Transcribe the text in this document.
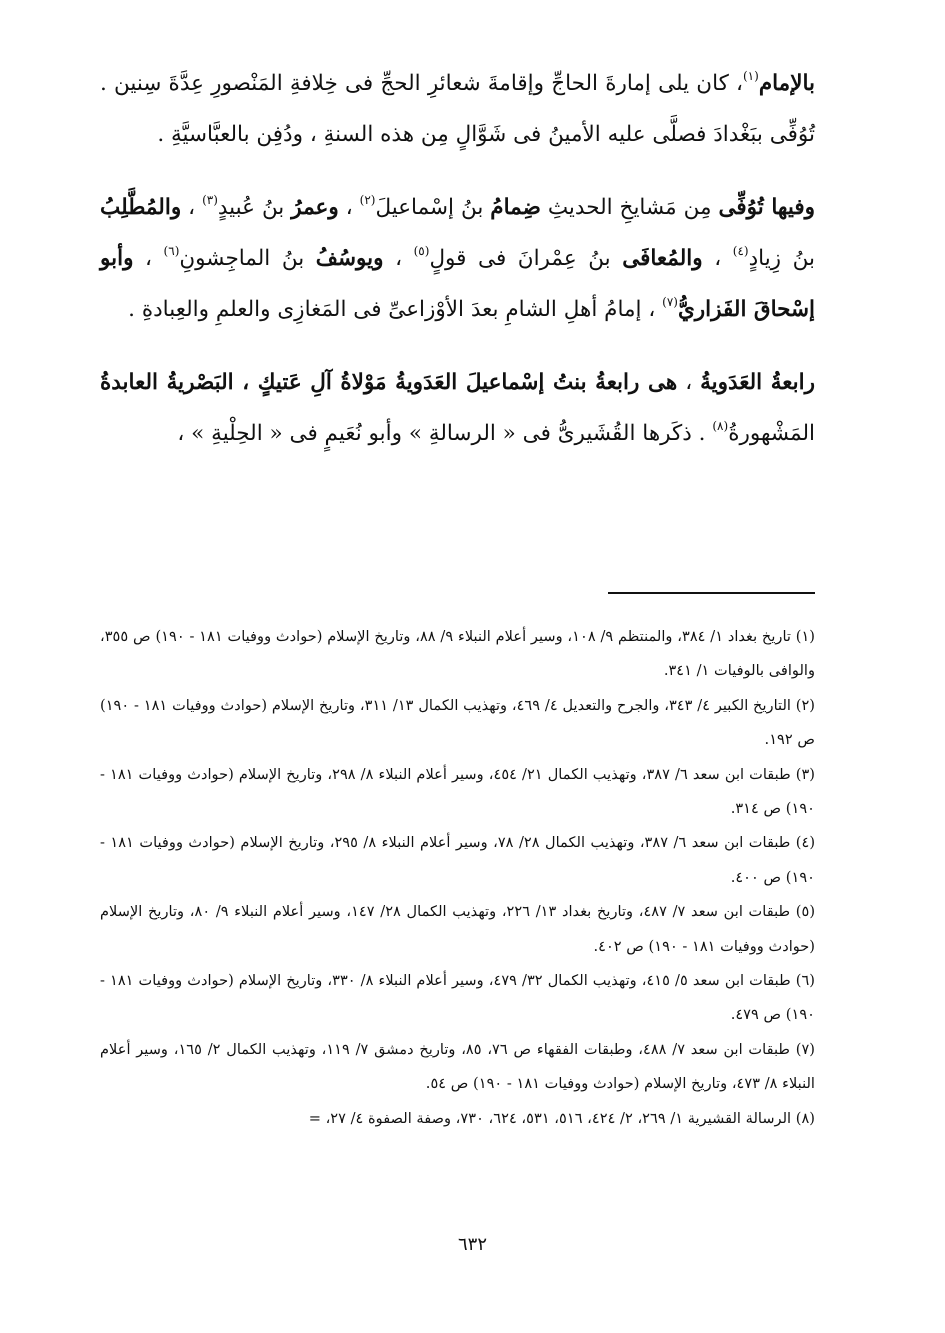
بالإمام$^{(١)}$، كان يلى إمارةَ الحاجِّ وإقامةَ شعائرِ الحجِّ فى خِلافةِ المَنْصورِ عِدَّةَ سِنين . تُوُفِّى ببَغْدادَ فصلَّى عليه الأمينُ فى شَوَّالٍ مِن هذه السنةِ ، ودُفِن بالعبَّاسيَّةِ .

وفيها تُوُفِّى مِن مَشايخِ الحديثِ ضِمامُ بنُ إسْماعيلَ$^{(٢)}$ ، وعمرُ بنُ عُبيدٍ$^{(٣)}$ ، والمُطَّلِبُ بنُ زِيادٍ$^{(٤)}$ ، والمُعافَى بنُ عِمْرانَ فى قولٍ$^{(٥)}$ ، ويوسُفُ بنُ الماجِشونِ$^{(٦)}$ ، وأبو إسْحاقَ الفَزاريُّ$^{(٧)}$ ، إمامُ أهلِ الشامِ بعدَ الأوْزاعىِّ فى المَغازِى والعلمِ والعِبادةِ .

رابعةُ العَدَويةُ ، هى رابعةُ بنتُ إسْماعيلَ العَدَويةُ مَوْلاةُ آلِ عَتيكٍ ، البَصْريةُ العابدةُ المَشْهورةُ$^{(٨)}$ . ذكَرها القُشَيرىُّ فى « الرسالةِ » وأبو نُعَيمٍ فى « الحِلْيةِ » ،

(١) تاريخ بغداد ١/ ٣٨٤، والمنتظم ٩/ ١٠٨، وسير أعلام النبلاء ٩/ ٨٨، وتاريخ الإسلام (حوادث ووفيات ١٨١ - ١٩٠) ص ٣٥٥، والوافى بالوفيات ١/ ٣٤١.

(٢) التاريخ الكبير ٤/ ٣٤٣، والجرح والتعديل ٤/ ٤٦٩، وتهذيب الكمال ١٣/ ٣١١، وتاريخ الإسلام (حوادث ووفيات ١٨١ - ١٩٠) ص ١٩٢.

(٣) طبقات ابن سعد ٦/ ٣٨٧، وتهذيب الكمال ٢١/ ٤٥٤، وسير أعلام النبلاء ٨/ ٢٩٨، وتاريخ الإسلام (حوادث ووفيات ١٨١ - ١٩٠) ص ٣١٤.

(٤) طبقات ابن سعد ٦/ ٣٨٧، وتهذيب الكمال ٢٨/ ٧٨، وسير أعلام النبلاء ٨/ ٢٩٥، وتاريخ الإسلام (حوادث ووفيات ١٨١ - ١٩٠) ص ٤٠٠.

(٥) طبقات ابن سعد ٧/ ٤٨٧، وتاريخ بغداد ١٣/ ٢٢٦، وتهذيب الكمال ٢٨/ ١٤٧، وسير أعلام النبلاء ٩/ ٨٠، وتاريخ الإسلام (حوادث ووفيات ١٨١ - ١٩٠) ص ٤٠٢.

(٦) طبقات ابن سعد ٥/ ٤١٥، وتهذيب الكمال ٣٢/ ٤٧٩، وسير أعلام النبلاء ٨/ ٣٣٠، وتاريخ الإسلام (حوادث ووفيات ١٨١ - ١٩٠) ص ٤٧٩.

(٧) طبقات ابن سعد ٧/ ٤٨٨، وطبقات الفقهاء ص ٧٦، ٨٥، وتاريخ دمشق ٧/ ١١٩، وتهذيب الكمال ٢/ ١٦٥، وسير أعلام النبلاء ٨/ ٤٧٣، وتاريخ الإسلام (حوادث ووفيات ١٨١ - ١٩٠) ص ٥٤.

(٨) الرسالة القشيرية ١/ ٢٦٩، ٢/ ٤٢٤، ٥١٦، ٥٣١، ٦٢٤، ٧٣٠، وصفة الصفوة ٤/ ٢٧، =

٦٣٢
